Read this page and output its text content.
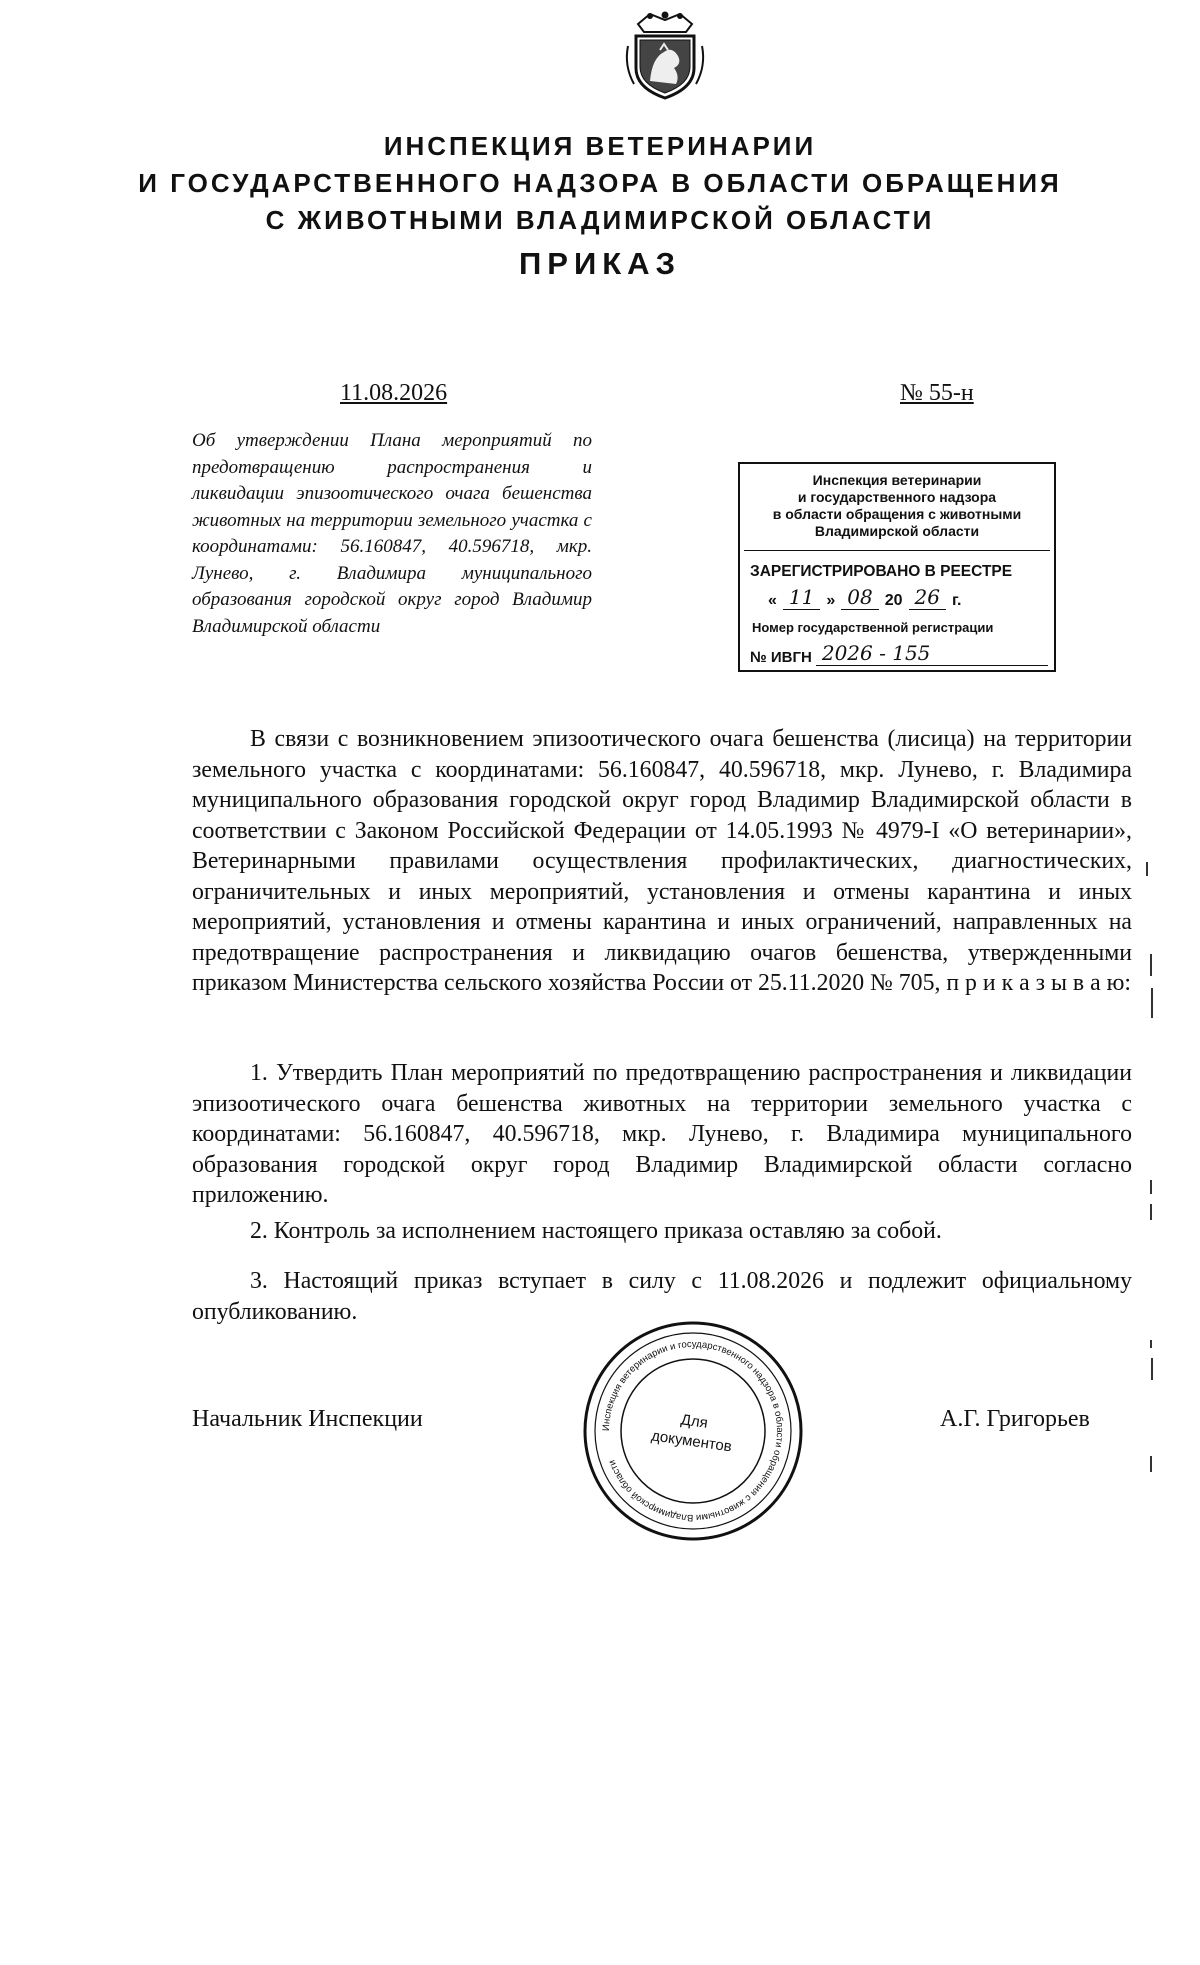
ИНСПЕКЦИЯ ВЕТЕРИНАРИИ
И ГОСУДАРСТВЕННОГО НАДЗОРА В ОБЛАСТИ ОБРАЩЕНИЯ
С ЖИВОТНЫМИ ВЛАДИМИРСКОЙ ОБЛАСТИ
ПРИКАЗ
11.08.2026	№ 55-н
Об утверждении Плана мероприятий по предотвращению распространения и ликвидации эпизоотического очага бешенства животных на территории земельного участка с координатами: 56.160847, 40.596718, мкр. Лунево, г. Владимира муниципального образования городской округ город Владимир Владимирской области
Инспекция ветеринарии
и государственного надзора
в области обращения с животными
Владимирской области
ЗАРЕГИСТРИРОВАНО В РЕЕСТРЕ
« 11 » 08 20 26 г.
Номер государственной регистрации
№ ИВГН 2026 - 155
В связи с возникновением эпизоотического очага бешенства (лисица) на территории земельного участка с координатами: 56.160847, 40.596718, мкр. Лунево, г. Владимира муниципального образования городской округ город Владимир Владимирской области в соответствии с Законом Российской Федерации от 14.05.1993 № 4979-I «О ветеринарии», Ветеринарными правилами осуществления профилактических, диагностических, ограничительных и иных мероприятий, установления и отмены карантина и иных мероприятий, установления и отмены карантина и иных ограничений, направленных на предотвращение распространения и ликвидацию очагов бешенства, утвержденными приказом Министерства сельского хозяйства России от 25.11.2020 № 705, п р и к а з ы в а ю:
1. Утвердить План мероприятий по предотвращению распространения и ликвидации эпизоотического очага бешенства животных на территории земельного участка с координатами: 56.160847, 40.596718, мкр. Лунево, г. Владимира муниципального образования городской округ город Владимир Владимирской области согласно приложению.
2. Контроль за исполнением настоящего приказа оставляю за собой.
3. Настоящий приказ вступает в силу с 11.08.2026 и подлежит официальному опубликованию.
Инспекция ветеринарии и государственного надзора в области обращения с животными Владимирской области
Для
документов
Начальник Инспекции	А.Г. Григорьев
